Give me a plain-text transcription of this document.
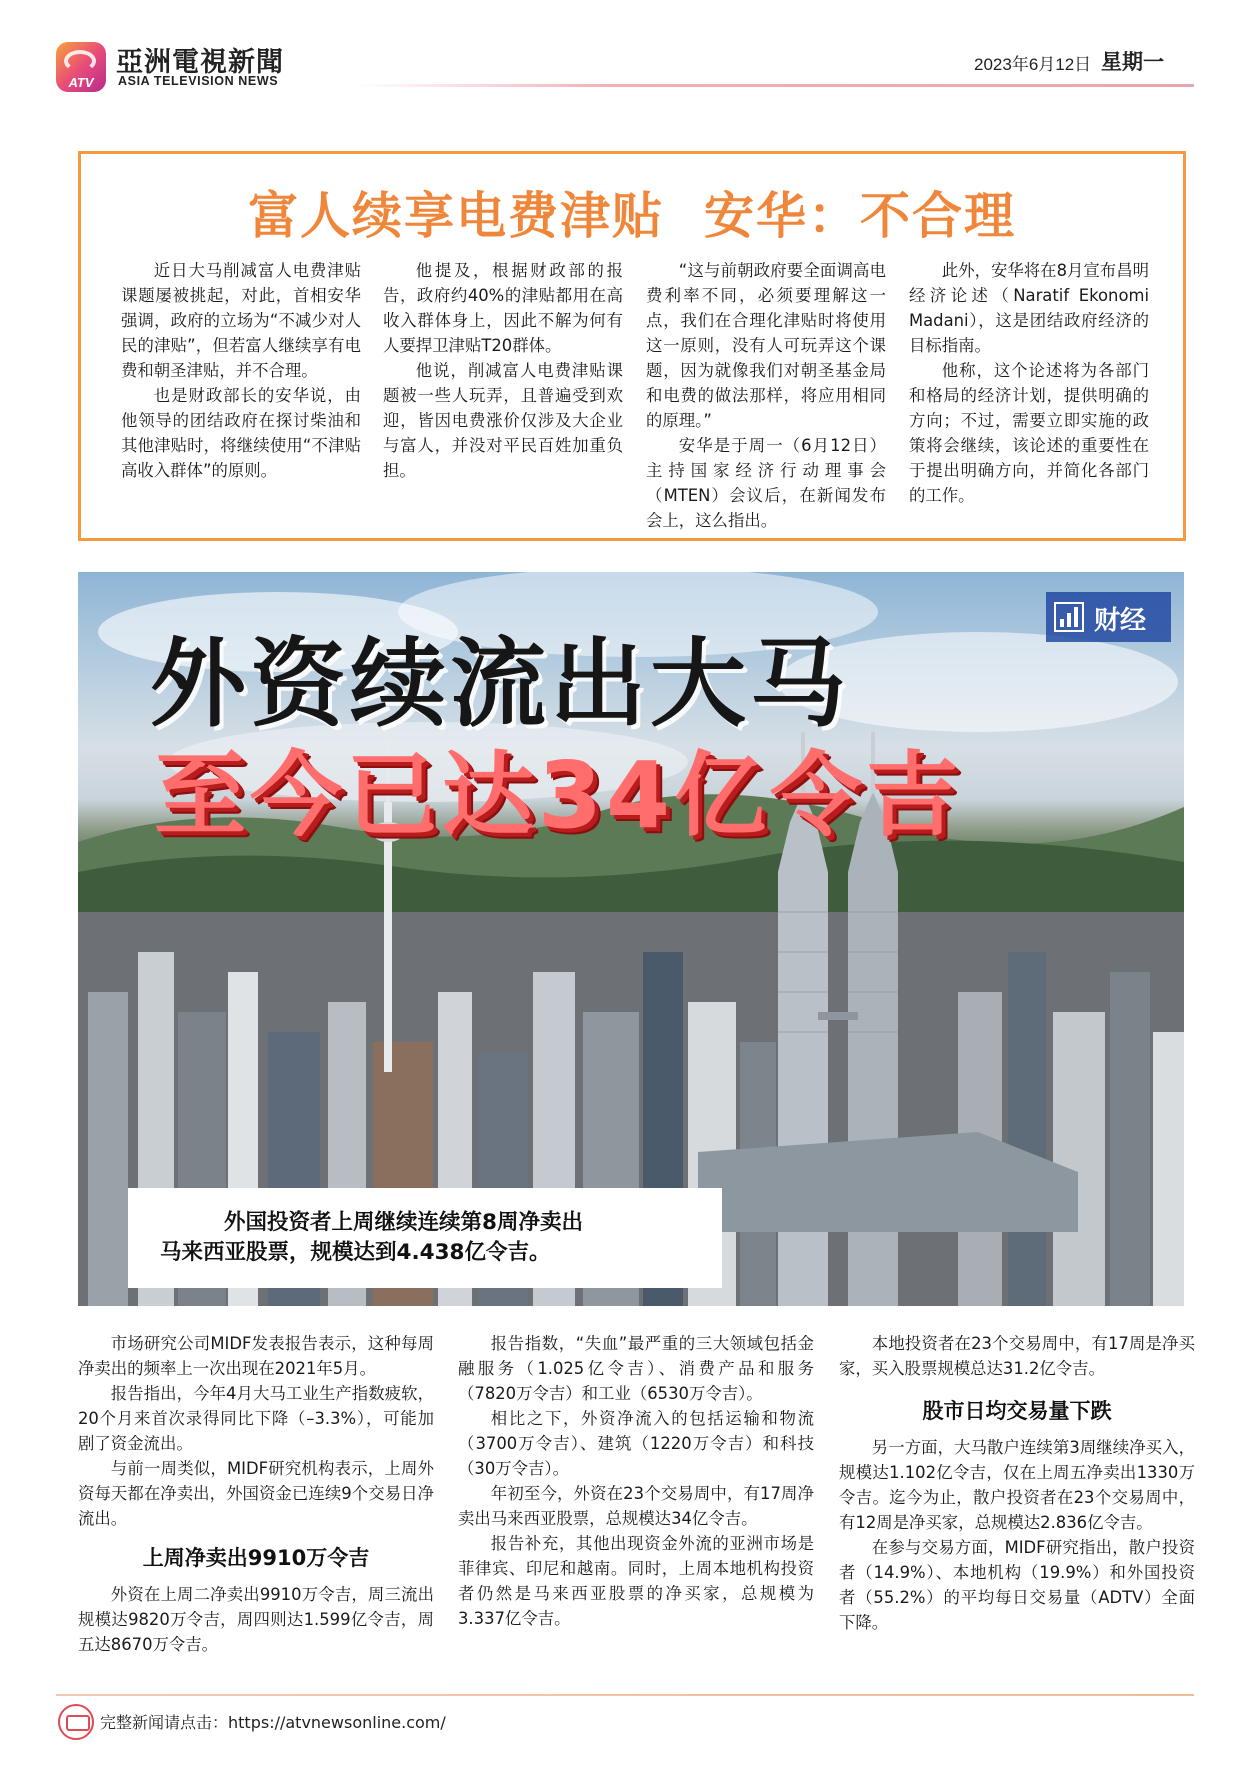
ATV
亞洲電視新聞
ASIA TELEVISION NEWS
2023年6月12日 星期一
富人续享电费津贴 安华：不合理

近日大马削减富人电费津贴课题屡被挑起，对此，首相安华强调，政府的立场为“不减少对人民的津贴”，但若富人继续享有电费和朝圣津贴，并不合理。

也是财政部长的安华说，由他领导的团结政府在探讨柴油和其他津贴时，将继续使用“不津贴高收入群体”的原则。

他提及，根据财政部的报告，政府约40%的津贴都用在高收入群体身上，因此不解为何有人要捍卫津贴T20群体。

他说，削减富人电费津贴课题被一些人玩弄，且普遍受到欢迎，皆因电费涨价仅涉及大企业与富人，并没对平民百姓加重负担。

“这与前朝政府要全面调高电费利率不同，必须要理解这一点，我们在合理化津贴时将使用这一原则，没有人可玩弄这个课题，因为就像我们对朝圣基金局和电费的做法那样，将应用相同的原理。”

安华是于周一（6月12日）主持国家经济行动理事会（MTEN）会议后，在新闻发布会上，这么指出。

此外，安华将在8月宣布昌明经济论述（Naratif Ekonomi Madani），这是团结政府经济的目标指南。

他称，这个论述将为各部门和格局的经济计划，提供明确的方向；不过，需要立即实施的政策将会继续，该论述的重要性在于提出明确方向，并简化各部门的工作。

财经
外资续流出大马
至今已达34亿令吉

外国投资者上周继续连续第8周净卖出
马来西亚股票，规模达到4.438亿令吉。

市场研究公司MIDF发表报告表示，这种每周净卖出的频率上一次出现在2021年5月。

报告指出，今年4月大马工业生产指数疲软，20个月来首次录得同比下降（–3.3%），可能加剧了资金流出。

与前一周类似，MIDF研究机构表示，上周外资每天都在净卖出，外国资金已连续9个交易日净流出。

上周净卖出9910万令吉

外资在上周二净卖出9910万令吉，周三流出规模达9820万令吉，周四则达1.599亿令吉，周五达8670万令吉。

报告指数，“失血”最严重的三大领域包括金融服务（1.025亿令吉）、消费产品和服务（7820万令吉）和工业（6530万令吉）。

相比之下，外资净流入的包括运输和物流（3700万令吉）、建筑（1220万令吉）和科技（30万令吉）。

年初至今，外资在23个交易周中，有17周净卖出马来西亚股票，总规模达34亿令吉。

报告补充，其他出现资金外流的亚洲市场是菲律宾、印尼和越南。同时，上周本地机构投资者仍然是马来西亚股票的净买家，总规模为3.337亿令吉。

本地投资者在23个交易周中，有17周是净买家，买入股票规模总达31.2亿令吉。

股市日均交易量下跌

另一方面，大马散户连续第3周继续净买入，规模达1.102亿令吉，仅在上周五净卖出1330万令吉。迄今为止，散户投资者在23个交易周中，有12周是净买家，总规模达2.836亿令吉。

在参与交易方面，MIDF研究指出，散户投资者（14.9%）、本地机构（19.9%）和外国投资者（55.2%）的平均每日交易量（ADTV）全面下降。

完整新闻请点击：https://atvnewsonline.com/
